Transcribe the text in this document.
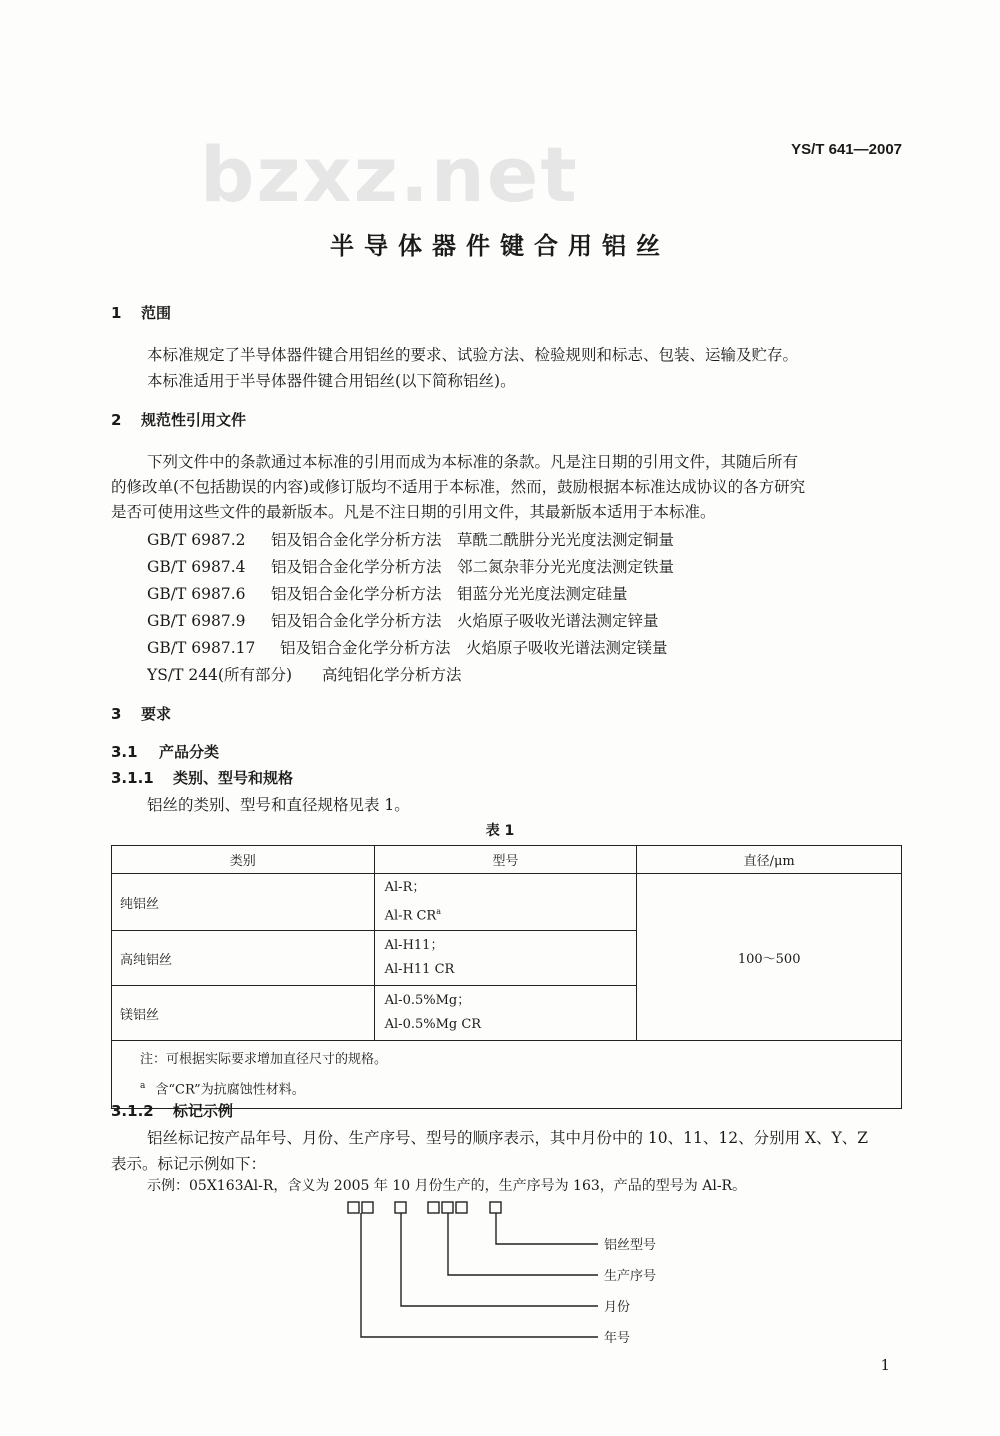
bzxz.net	YS/T 641—2007
半导体器件键合用铝丝
1 范围
本标准规定了半导体器件键合用铝丝的要求、试验方法、检验规则和标志、包装、运输及贮存。
本标准适用于半导体器件键合用铝丝(以下简称铝丝)。
2 规范性引用文件
下列文件中的条款通过本标准的引用而成为本标准的条款。凡是注日期的引用文件，其随后所有
的修改单(不包括勘误的内容)或修订版均不适用于本标准，然而，鼓励根据本标准达成协议的各方研究
是否可使用这些文件的最新版本。凡是不注日期的引用文件，其最新版本适用于本标准。
GB/T 6987.2 铝及铝合金化学分析方法　草酰二酰肼分光光度法测定铜量
GB/T 6987.4 铝及铝合金化学分析方法　邻二氮杂菲分光光度法测定铁量
GB/T 6987.6 铝及铝合金化学分析方法　钼蓝分光光度法测定硅量
GB/T 6987.9 铝及铝合金化学分析方法　火焰原子吸收光谱法测定锌量
GB/T 6987.17 铝及铝合金化学分析方法　火焰原子吸收光谱法测定镁量
YS/T 244(所有部分) 高纯铝化学分析方法
3 要求
3.1 产品分类
3.1.1 类别、型号和规格
铝丝的类别、型号和直径规格见表 1。
表 1
类别	型号	直径/μm
纯铝丝	Al-R；
Al-R $CR^a$	100～500
高纯铝丝	Al-H11；
Al-H11 CR	

镁铝丝	Al-0.5%Mg；
Al-0.5%Mg CR	

注：可根据实际要求增加直径尺寸的规格。
$^a$ 含“CR”为抗腐蚀性材料。		
3.1.2 标记示例
铝丝标记按产品年号、月份、生产序号、型号的顺序表示，其中月份中的 10、11、12、分别用 X、Y、Z
表示。标记示例如下：
示例：05X163Al-R，含义为 2005 年 10 月份生产的，生产序号为 163，产品的型号为 Al-R。
铝丝型号
生产序号
月份
年号
1
